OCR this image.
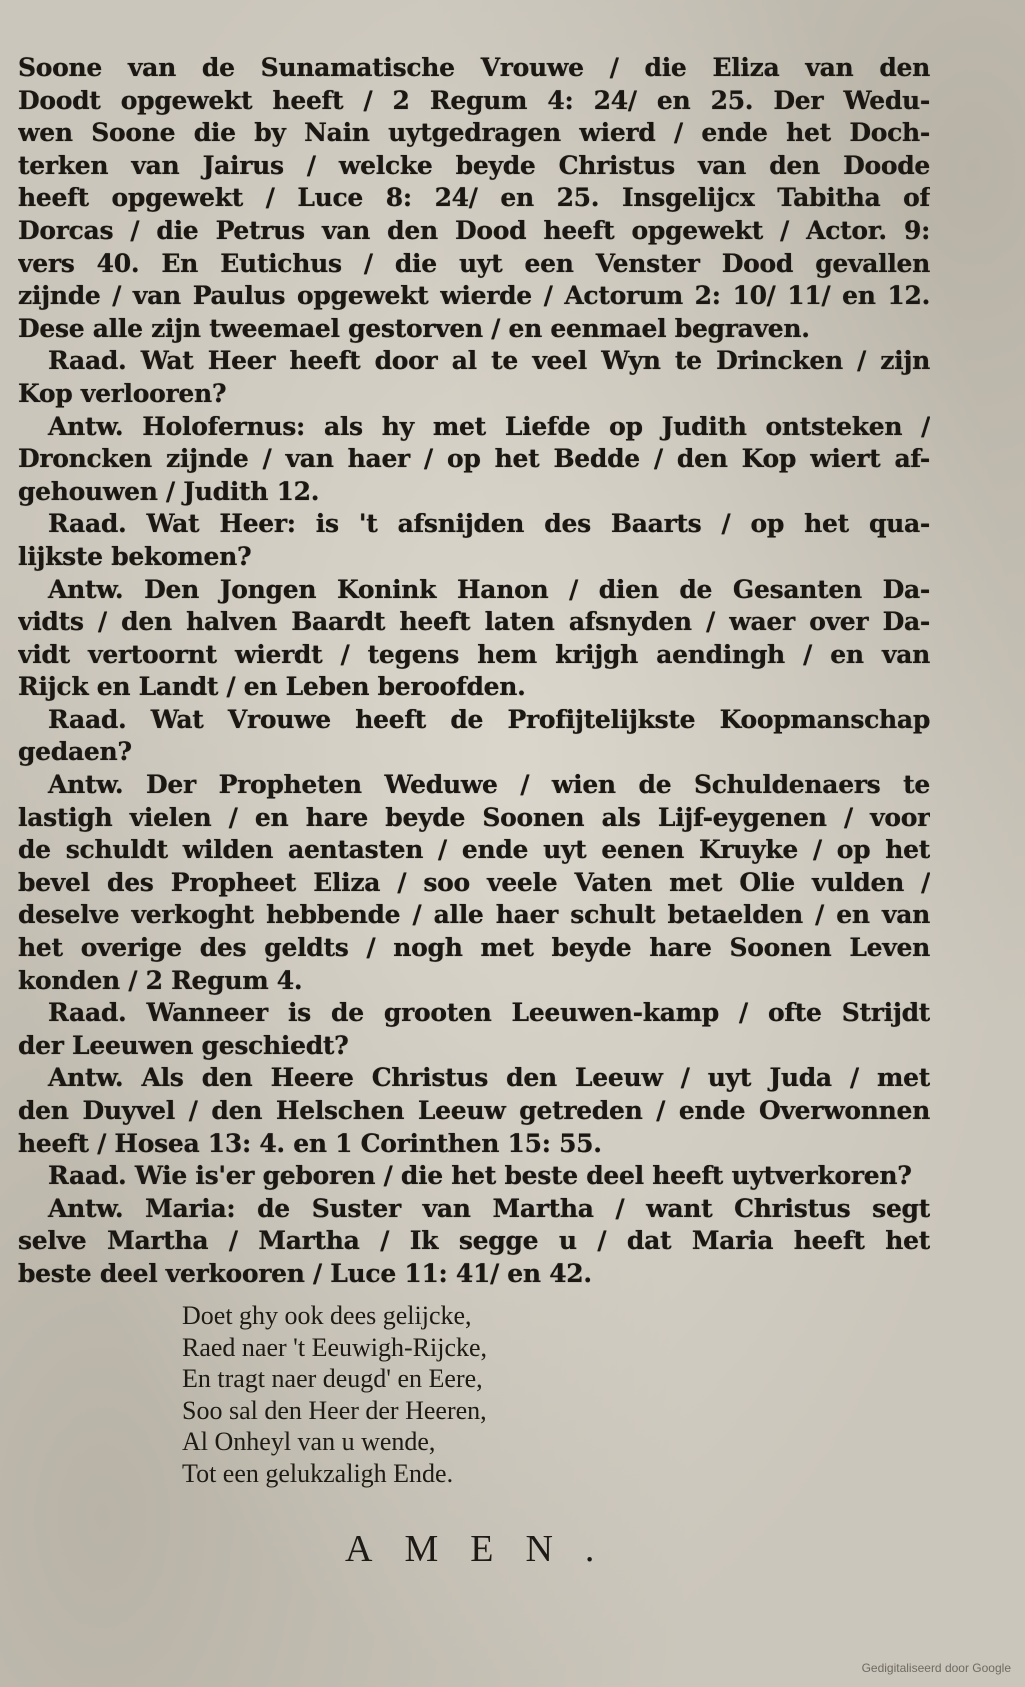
Soone van de Sunamatische Vrouwe / die Eliza van den
Doodt opgewekt heeft / 2 Regum 4: 24/ en 25. Der Wedu-
wen Soone die by Nain uytgedragen wierd / ende het Doch-
terken van Jairus / welcke beyde Christus van den Doode
heeft opgewekt / Luce 8: 24/ en 25. Insgelijcx Tabitha of
Dorcas / die Petrus van den Dood heeft opgewekt / Actor. 9:
vers 40. En Eutichus / die uyt een Venster Dood gevallen
zijnde / van Paulus opgewekt wierde / Actorum 2: 10/ 11/ en 12.
Dese alle zijn tweemael gestorven / en eenmael begraven.
Raad. Wat Heer heeft door al te veel Wyn te Drincken / zijn
Kop verlooren?
Antw. Holofernus: als hy met Liefde op Judith ontsteken /
Droncken zijnde / van haer / op het Bedde / den Kop wiert af-
gehouwen / Judith 12.
Raad. Wat Heer: is 't afsnijden des Baarts / op het qua-
lijkste bekomen?
Antw. Den Jongen Konink Hanon / dien de Gesanten Da-
vidts / den halven Baardt heeft laten afsnyden / waer over Da-
vidt vertoornt wierdt / tegens hem krijgh aendingh / en van
Rijck en Landt / en Leben beroofden.
Raad. Wat Vrouwe heeft de Profijtelijkste Koopmanschap
gedaen?
Antw. Der Propheten Weduwe / wien de Schuldenaers te
lastigh vielen / en hare beyde Soonen als Lijf-eygenen / voor
de schuldt wilden aentasten / ende uyt eenen Kruyke / op het
bevel des Propheet Eliza / soo veele Vaten met Olie vulden /
deselve verkoght hebbende / alle haer schult betaelden / en van
het overige des geldts / nogh met beyde hare Soonen Leven
konden / 2 Regum 4.
Raad. Wanneer is de grooten Leeuwen-kamp / ofte Strijdt
der Leeuwen geschiedt?
Antw. Als den Heere Christus den Leeuw / uyt Juda / met
den Duyvel / den Helschen Leeuw getreden / ende Overwonnen
heeft / Hosea 13: 4. en 1 Corinthen 15: 55.
Raad. Wie is'er geboren / die het beste deel heeft uytverkoren?
Antw. Maria: de Suster van Martha / want Christus segt
selve Martha / Martha / Ik segge u / dat Maria heeft het
beste deel verkooren / Luce 11: 41/ en 42.
Doet ghy ook dees gelijcke,
Raed naer 't Eeuwigh-Rijcke,
En tragt naer deugd' en Eere,
Soo sal den Heer der Heeren,
Al Onheyl van u wende,
Tot een gelukzaligh Ende.
AMEN.
Gedigitaliseerd door Google
